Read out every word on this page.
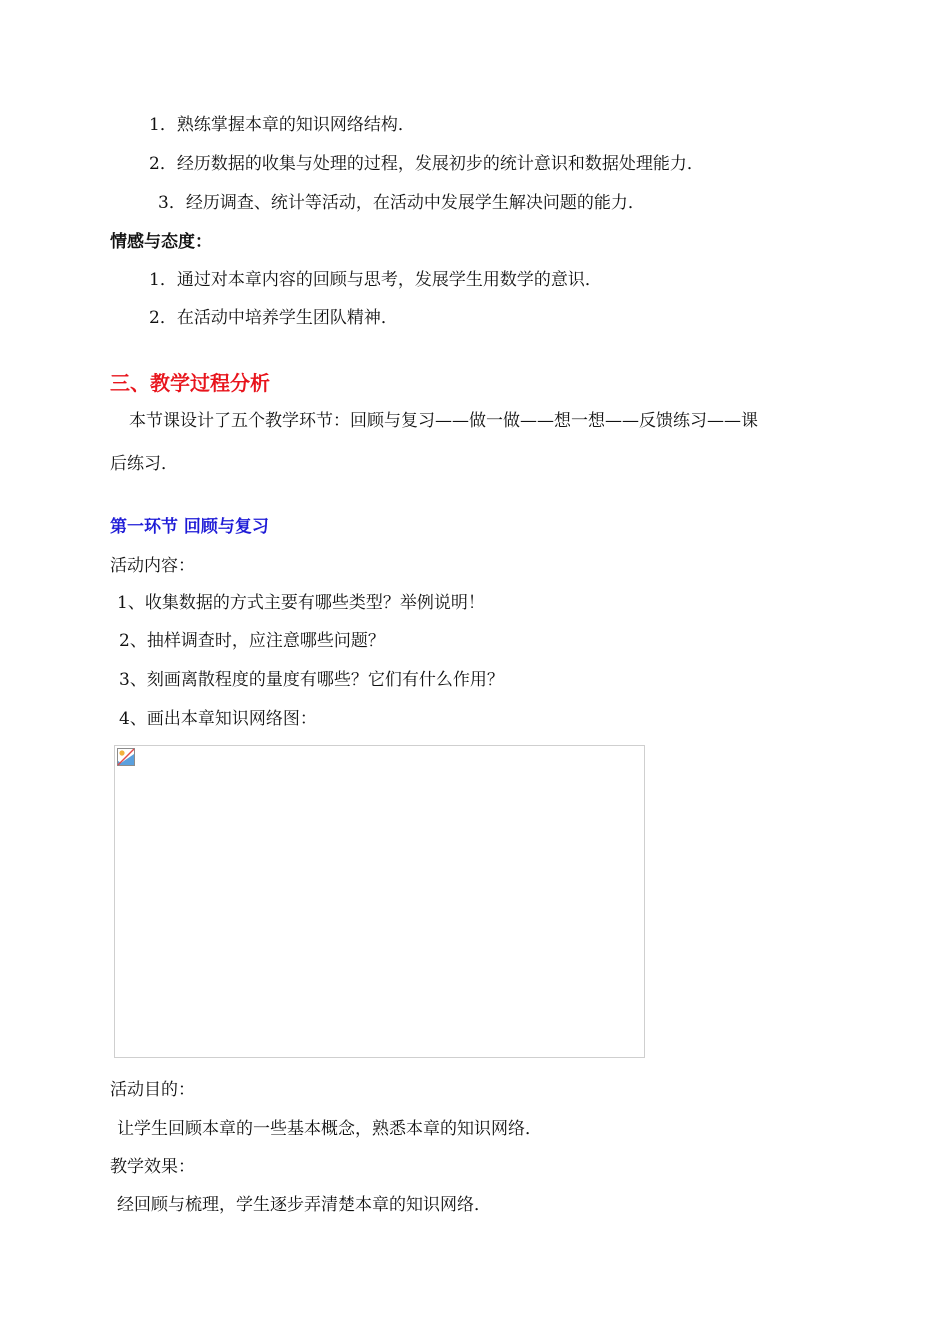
1．熟练掌握本章的知识网络结构．
2．经历数据的收集与处理的过程，发展初步的统计意识和数据处理能力．
3．经历调查、统计等活动，在活动中发展学生解决问题的能力．
情感与态度：
1．通过对本章内容的回顾与思考，发展学生用数学的意识．
2．在活动中培养学生团队精神．
三、教学过程分析
本节课设计了五个教学环节：回顾与复习——做一做——想一想——反馈练习——课
后练习．
第一环节 回顾与复习
活动内容：
1、收集数据的方式主要有哪些类型？举例说明！
2、抽样调查时，应注意哪些问题？
3、刻画离散程度的量度有哪些？它们有什么作用？
4、画出本章知识网络图：
活动目的：
让学生回顾本章的一些基本概念，熟悉本章的知识网络．
教学效果：
经回顾与梳理，学生逐步弄清楚本章的知识网络．
